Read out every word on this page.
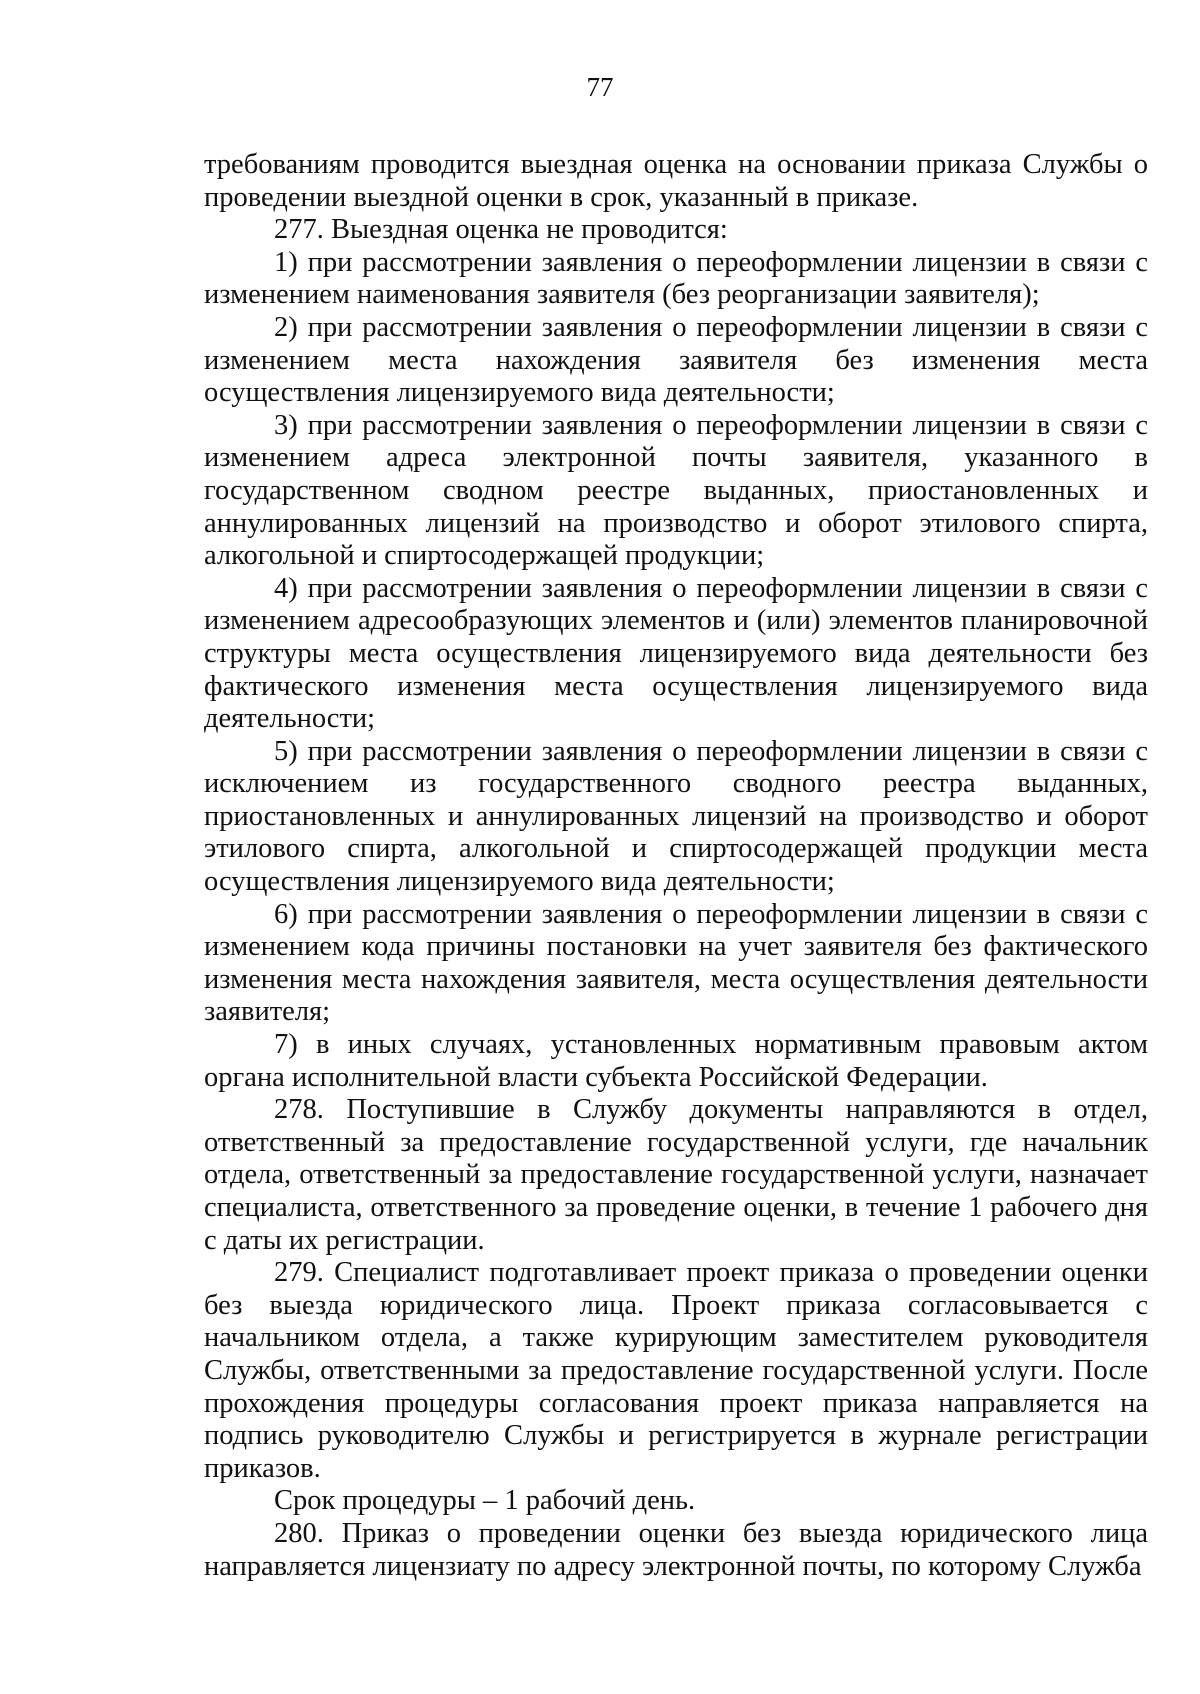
77

требованиям проводится выездная оценка на основании приказа Службы о проведении выездной оценки в срок, указанный в приказе.

277. Выездная оценка не проводится:

1) при рассмотрении заявления о переоформлении лицензии в связи с изменением наименования заявителя (без реорганизации заявителя);

2) при рассмотрении заявления о переоформлении лицензии в связи с изменением места нахождения заявителя без изменения места осуществления лицензируемого вида деятельности;

3) при рассмотрении заявления о переоформлении лицензии в связи с изменением адреса электронной почты заявителя, указанного в государственном сводном реестре выданных, приостановленных и аннулированных лицензий на производство и оборот этилового спирта, алкогольной и спиртосодержащей продукции;

4) при рассмотрении заявления о переоформлении лицензии в связи с изменением адресообразующих элементов и (или) элементов планировочной структуры места осуществления лицензируемого вида деятельности без фактического изменения места осуществления лицензируемого вида деятельности;

5) при рассмотрении заявления о переоформлении лицензии в связи с исключением из государственного сводного реестра выданных, приостановленных и аннулированных лицензий на производство и оборот этилового спирта, алкогольной и спиртосодержащей продукции места осуществления лицензируемого вида деятельности;

6) при рассмотрении заявления о переоформлении лицензии в связи с изменением кода причины постановки на учет заявителя без фактического изменения места нахождения заявителя, места осуществления деятельности заявителя;

7) в иных случаях, установленных нормативным правовым актом органа исполнительной власти субъекта Российской Федерации.

278. Поступившие в Службу документы направляются в отдел, ответственный за предоставление государственной услуги, где начальник отдела, ответственный за предоставление государственной услуги, назначает специалиста, ответственного за проведение оценки, в течение 1 рабочего дня с даты их регистрации.

279. Специалист подготавливает проект приказа о проведении оценки без выезда юридического лица. Проект приказа согласовывается с начальником отдела, а также курирующим заместителем руководителя Службы, ответственными за предоставление государственной услуги. После прохождения процедуры согласования проект приказа направляется на подпись руководителю Службы и регистрируется в журнале регистрации приказов.

Срок процедуры – 1 рабочий день.

280. Приказ о проведении оценки без выезда юридического лица направляется лицензиату по адресу электронной почты, по которому Служба
